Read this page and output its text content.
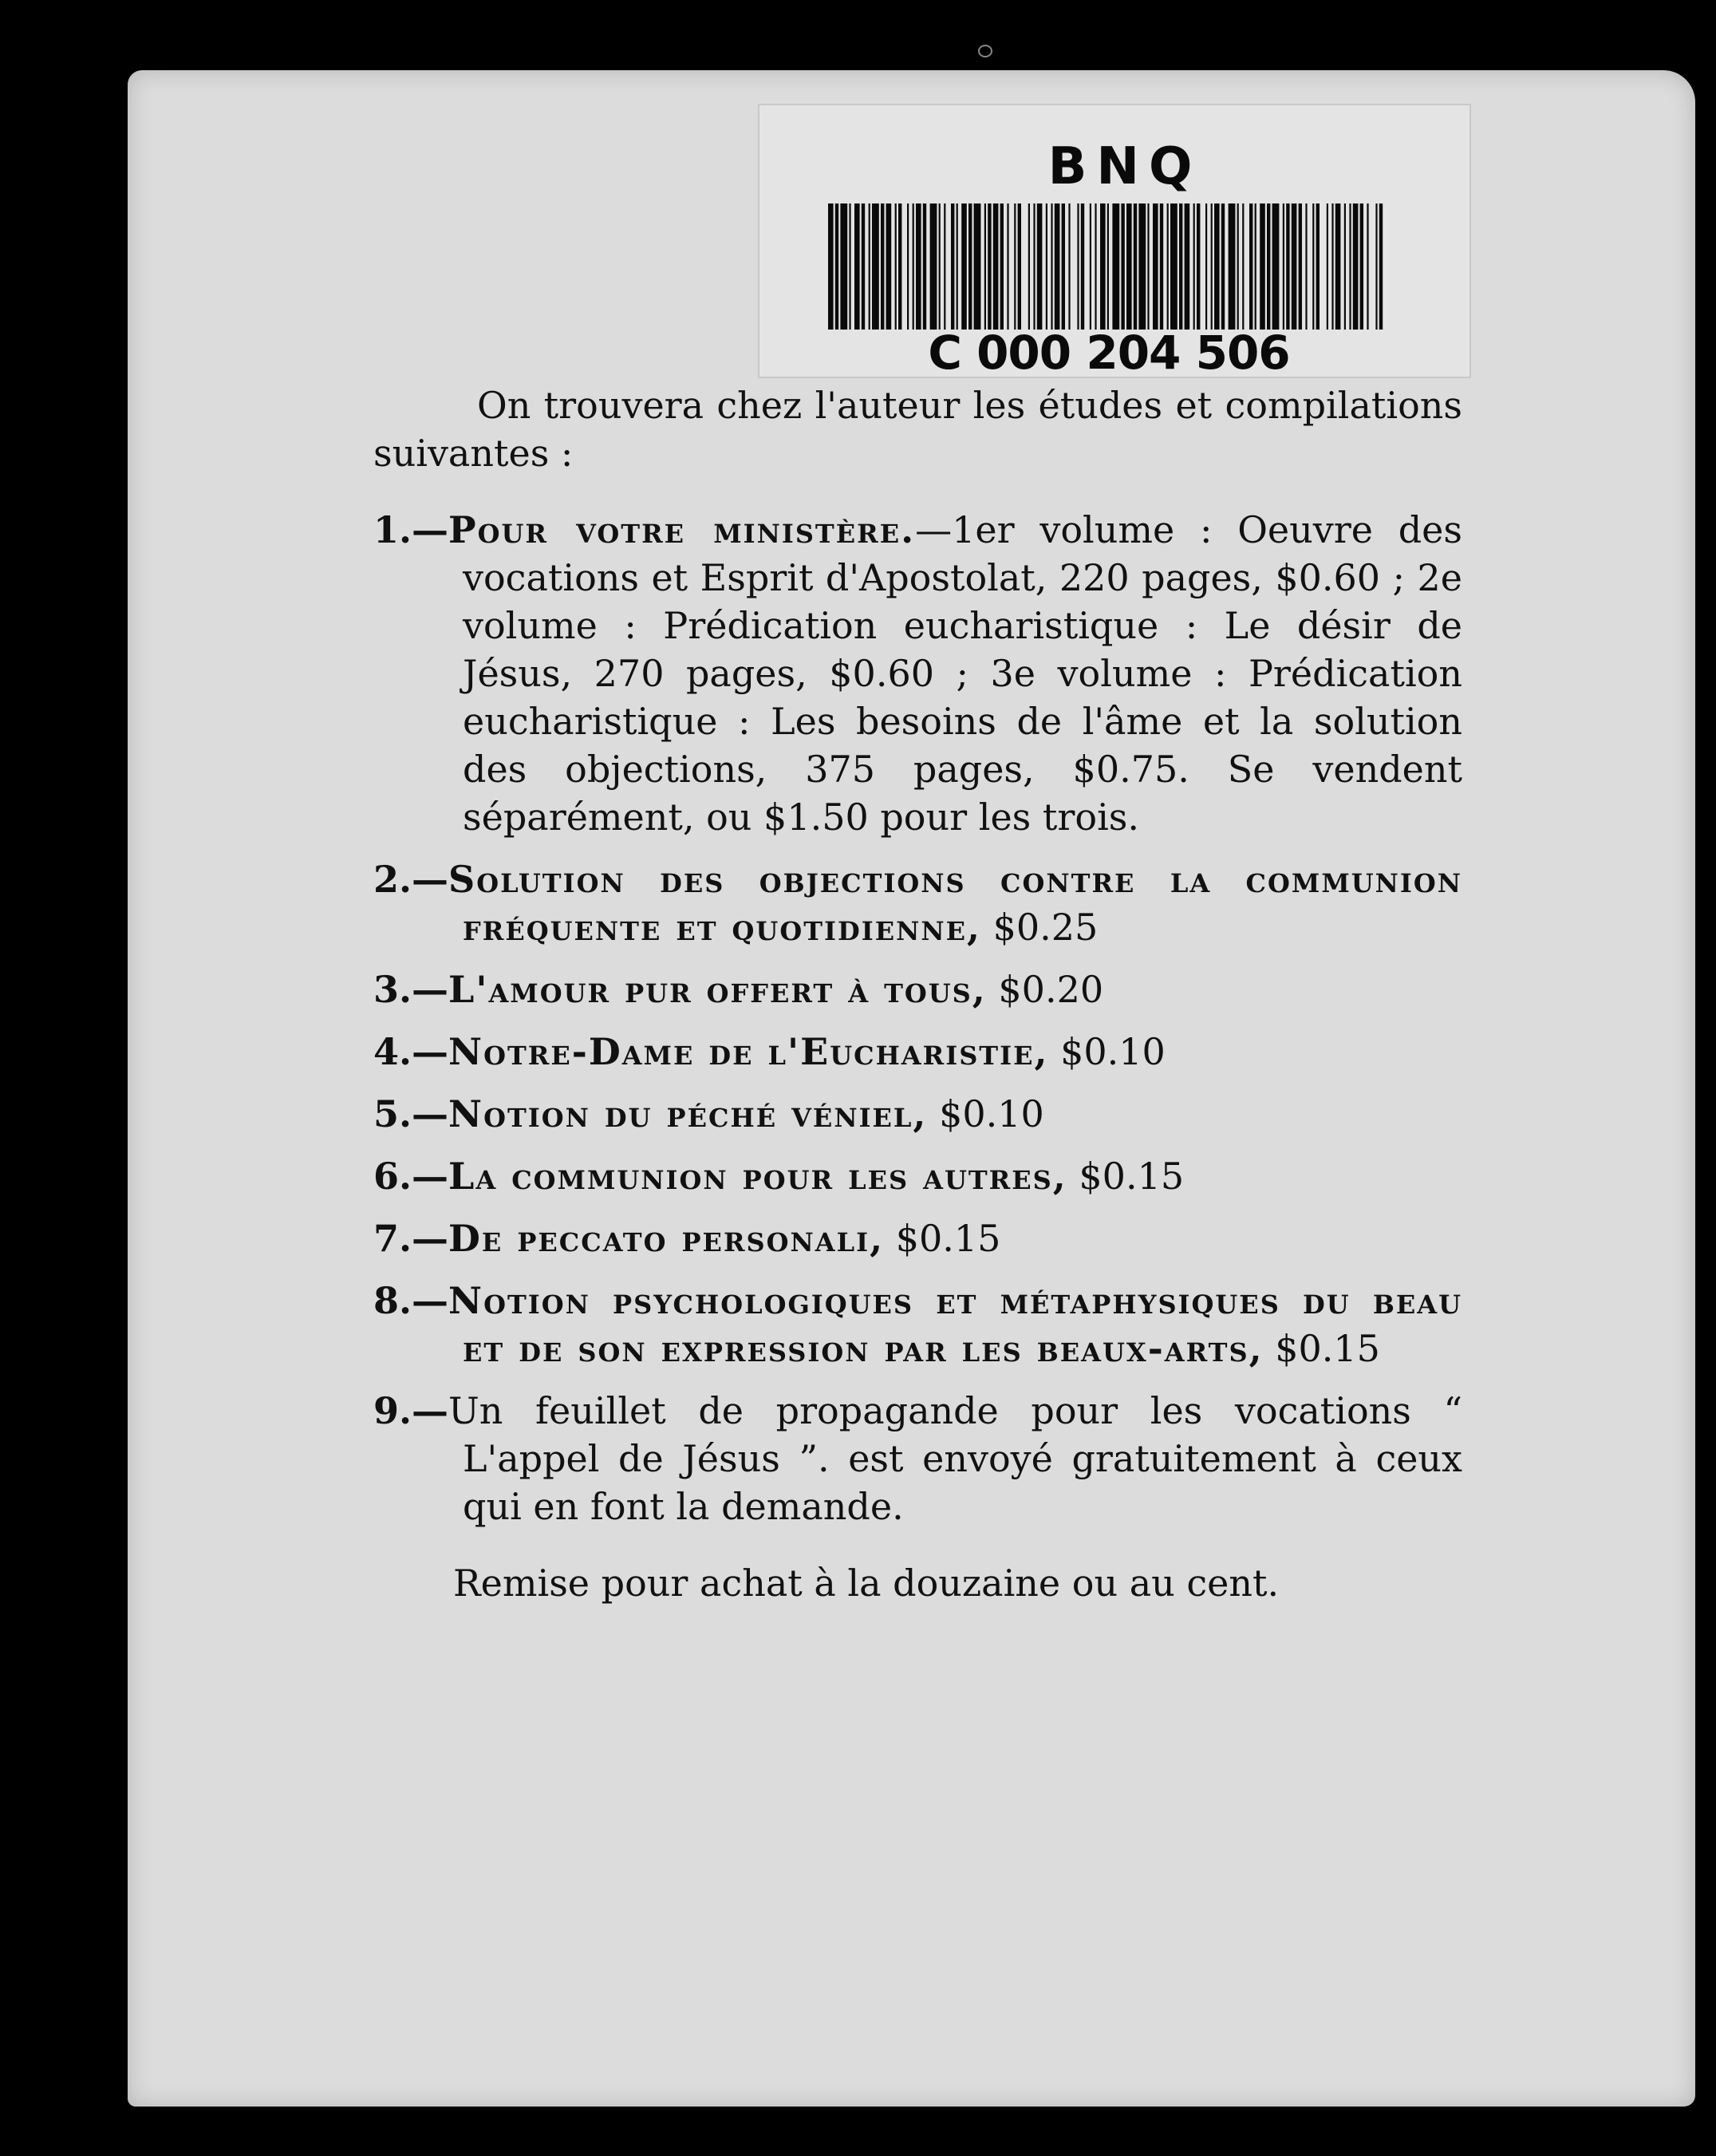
BNQ
C 000 204 506

On trouvera chez l'auteur les études et compilations suivantes :

1.—Pour votre ministère.—1er volume : Oeuvre des vocations et Esprit d'Apostolat, 220 pages, $0.60 ; 2e volume : Prédication eucharistique : Le désir de Jésus, 270 pages, $0.60 ; 3e volume : Prédication eucharistique : Les besoins de l'âme et la solution des objections, 375 pages, $0.75. Se vendent séparément, ou $1.50 pour les trois.

2.—Solution des objections contre la communion fréquente et quotidienne, $0.25

3.—L'amour pur offert à tous, $0.20

4.—Notre-Dame de l'Eucharistie, $0.10

5.—Notion du péché véniel, $0.10

6.—La communion pour les autres, $0.15

7.—De peccato personali, $0.15

8.—Notion psychologiques et métaphysiques du beau et de son expression par les beaux-arts, $0.15

9.—Un feuillet de propagande pour les vocations “ L'appel de Jésus ”. est envoyé gratuitement à ceux qui en font la demande.

Remise pour achat à la douzaine ou au cent.
